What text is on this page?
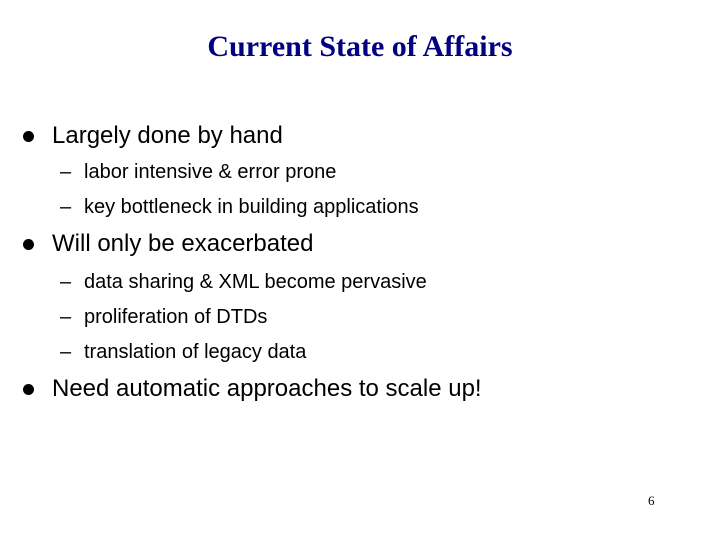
Current State of Affairs
Largely done by hand
– labor intensive & error prone
– key bottleneck in building applications
Will only be exacerbated
– data sharing & XML become pervasive
– proliferation of DTDs
– translation of legacy data
Need automatic approaches to scale up!
6
